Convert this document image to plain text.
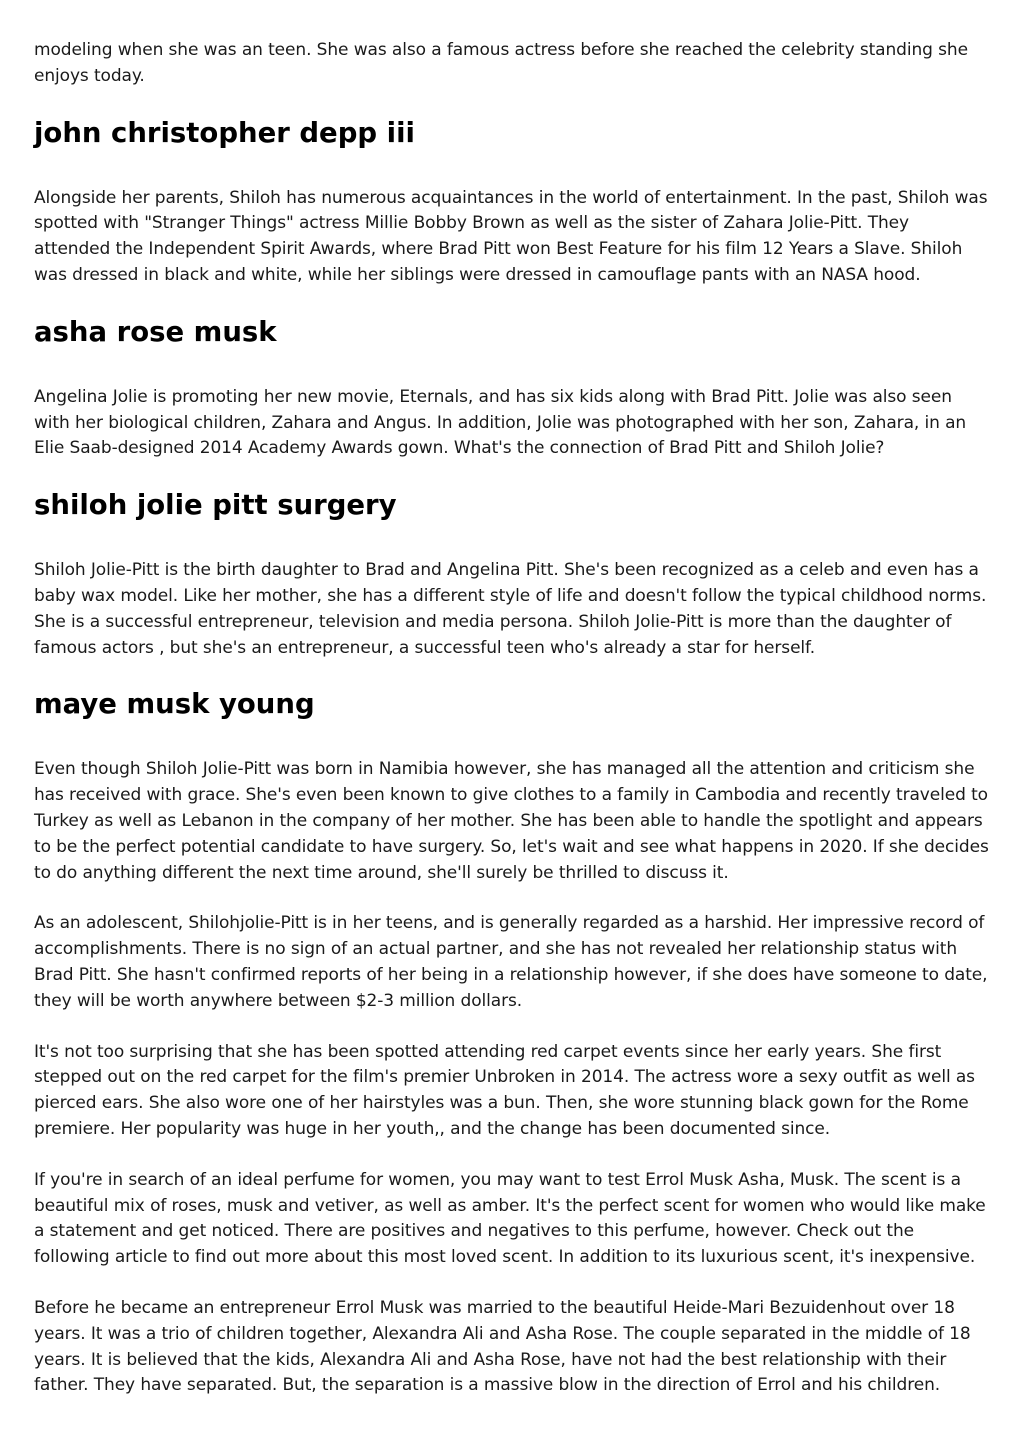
modeling when she was an teen. She was also a famous actress before she reached the celebrity standing she enjoys today.

john christopher depp iii

Alongside her parents, Shiloh has numerous acquaintances in the world of entertainment. In the past, Shiloh was spotted with "Stranger Things" actress Millie Bobby Brown as well as the sister of Zahara Jolie-Pitt. They attended the Independent Spirit Awards, where Brad Pitt won Best Feature for his film 12 Years a Slave. Shiloh was dressed in black and white, while her siblings were dressed in camouflage pants with an NASA hood.

asha rose musk

Angelina Jolie is promoting her new movie, Eternals, and has six kids along with Brad Pitt. Jolie was also seen with her biological children, Zahara and Angus. In addition, Jolie was photographed with her son, Zahara, in an Elie Saab-designed 2014 Academy Awards gown. What's the connection of Brad Pitt and Shiloh Jolie?

shiloh jolie pitt surgery

Shiloh Jolie-Pitt is the birth daughter to Brad and Angelina Pitt. She's been recognized as a celeb and even has a baby wax model. Like her mother, she has a different style of life and doesn't follow the typical childhood norms. She is a successful entrepreneur, television and media persona. Shiloh Jolie-Pitt is more than the daughter of famous actors , but she's an entrepreneur, a successful teen who's already a star for herself.

maye musk young

Even though Shiloh Jolie-Pitt was born in Namibia however, she has managed all the attention and criticism she has received with grace. She's even been known to give clothes to a family in Cambodia and recently traveled to Turkey as well as Lebanon in the company of her mother. She has been able to handle the spotlight and appears to be the perfect potential candidate to have surgery. So, let's wait and see what happens in 2020. If she decides to do anything different the next time around, she'll surely be thrilled to discuss it.

As an adolescent, Shilohjolie-Pitt is in her teens, and is generally regarded as a harshid. Her impressive record of accomplishments. There is no sign of an actual partner, and she has not revealed her relationship status with Brad Pitt. She hasn't confirmed reports of her being in a relationship however, if she does have someone to date, they will be worth anywhere between $2-3 million dollars.

It's not too surprising that she has been spotted attending red carpet events since her early years. She first stepped out on the red carpet for the film's premier Unbroken in 2014. The actress wore a sexy outfit as well as pierced ears. She also wore one of her hairstyles was a bun. Then, she wore stunning black gown for the Rome premiere. Her popularity was huge in her youth,, and the change has been documented since.

If you're in search of an ideal perfume for women, you may want to test Errol Musk Asha, Musk. The scent is a beautiful mix of roses, musk and vetiver, as well as amber. It's the perfect scent for women who would like make a statement and get noticed. There are positives and negatives to this perfume, however. Check out the following article to find out more about this most loved scent. In addition to its luxurious scent, it's inexpensive.

Before he became an entrepreneur Errol Musk was married to the beautiful Heide-Mari Bezuidenhout over 18 years. It was a trio of children together, Alexandra Ali and Asha Rose. The couple separated in the middle of 18 years. It is believed that the kids, Alexandra Ali and Asha Rose, have not had the best relationship with their father. They have separated. But, the separation is a massive blow in the direction of Errol and his children.
